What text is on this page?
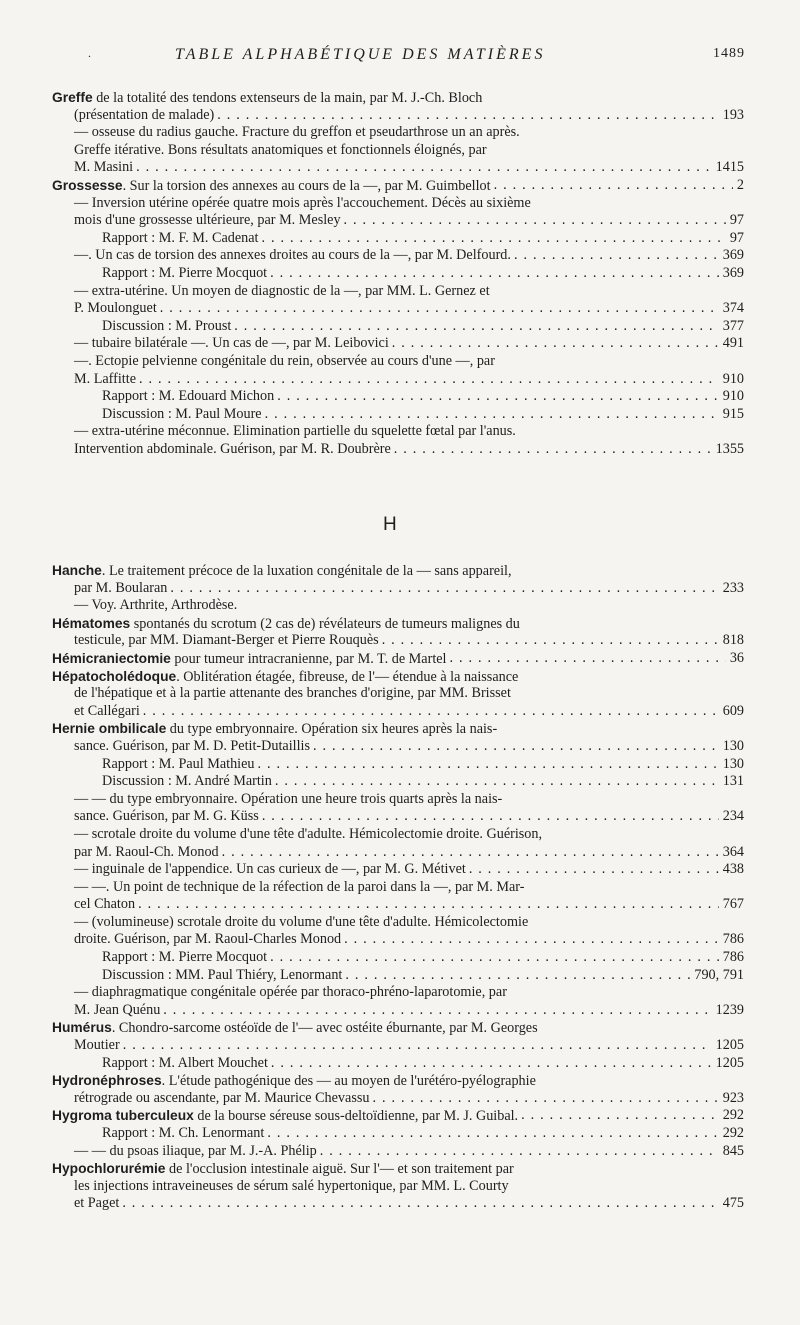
.	TABLE ALPHABÉTIQUE DES MATIÈRES	1489
Greffe de la totalité des tendons extenseurs de la main, par M. J.-Ch. Bloch
(présentation de malade) . . .	193
— osseuse du radius gauche. Fracture du greffon et pseudarthrose un an après.
Greffe itérative. Bons résultats anatomiques et fonctionnels éloignés, par
M. Masini . . .	1415
Grossesse. Sur la torsion des annexes au cours de la —, par M. Guimbellot . . .	2
— Inversion utérine opérée quatre mois après l'accouchement. Décès au sixième
mois d'une grossesse ultérieure, par M. Mesley . . .	97
Rapport : M. F. M. Cadenat . . .	97
—. Un cas de torsion des annexes droites au cours de la —, par M. Delfourd. . . .	369
Rapport : M. Pierre Mocquot . . .	369
— extra-utérine. Un moyen de diagnostic de la —, par MM. L. Gernez et
P. Moulonguet . . .	374
Discussion : M. Proust . . .	377
— tubaire bilatérale —. Un cas de —, par M. Leibovici . . .	491
—. Ectopie pelvienne congénitale du rein, observée au cours d'une —, par
M. Laffitte . . .	910
Rapport : M. Edouard Michon . . .	910
Discussion : M. Paul Moure . . .	915
— extra-utérine méconnue. Elimination partielle du squelette fœtal par l'anus.
Intervention abdominale. Guérison, par M. R. Doubrère . . .	1355
H
Hanche. Le traitement précoce de la luxation congénitale de la — sans appareil,
par M. Boularan . . .	233
— Voy. Arthrite, Arthrodèse.
Hématomes spontanés du scrotum (2 cas de) révélateurs de tumeurs malignes du
testicule, par MM. Diamant-Berger et Pierre Rouquès . . .	818
Hémicraniectomie pour tumeur intracranienne, par M. T. de Martel . . .	36
Hépatocholédoque. Oblitération étagée, fibreuse, de l'— étendue à la naissance
de l'hépatique et à la partie attenante des branches d'origine, par MM. Brisset
et Callégari . . .	609
Hernie ombilicale du type embryonnaire. Opération six heures après la nais-
sance. Guérison, par M. D. Petit-Dutaillis . . .	130
Rapport : M. Paul Mathieu . . .	130
Discussion : M. André Martin . . .	131
— — du type embryonnaire. Opération une heure trois quarts après la nais-
sance. Guérison, par M. G. Küss . . .	234
— scrotale droite du volume d'une tête d'adulte. Hémicolectomie droite. Guérison,
par M. Raoul-Ch. Monod . . .	364
— inguinale de l'appendice. Un cas curieux de —, par M. G. Métivet . . .	438
— —. Un point de technique de la réfection de la paroi dans la —, par M. Mar-
cel Chaton . . .	767
— (volumineuse) scrotale droite du volume d'une tête d'adulte. Hémicolectomie
droite. Guérison, par M. Raoul-Charles Monod . . .	786
Rapport : M. Pierre Mocquot . . .	786
Discussion : MM. Paul Thiéry, Lenormant . . .	790, 791
— diaphragmatique congénitale opérée par thoraco-phréno-laparotomie, par
M. Jean Quénu . . .	1239
Humérus. Chondro-sarcome ostéoïde de l'— avec ostéite éburnante, par M. Georges
Moutier . . .	1205
Rapport : M. Albert Mouchet . . .	1205
Hydronéphroses. L'étude pathogénique des — au moyen de l'urétéro-pyélographie
rétrograde ou ascendante, par M. Maurice Chevassu . . .	923
Hygroma tuberculeux de la bourse séreuse sous-deltoïdienne, par M. J. Guibal. . . .	292
Rapport : M. Ch. Lenormant . . .	292
— — du psoas iliaque, par M. J.-A. Phélip . . .	845
Hypochlorurémie de l'occlusion intestinale aiguë. Sur l'— et son traitement par
les injections intraveineuses de sérum salé hypertonique, par MM. L. Courty
et Paget . . .	475
